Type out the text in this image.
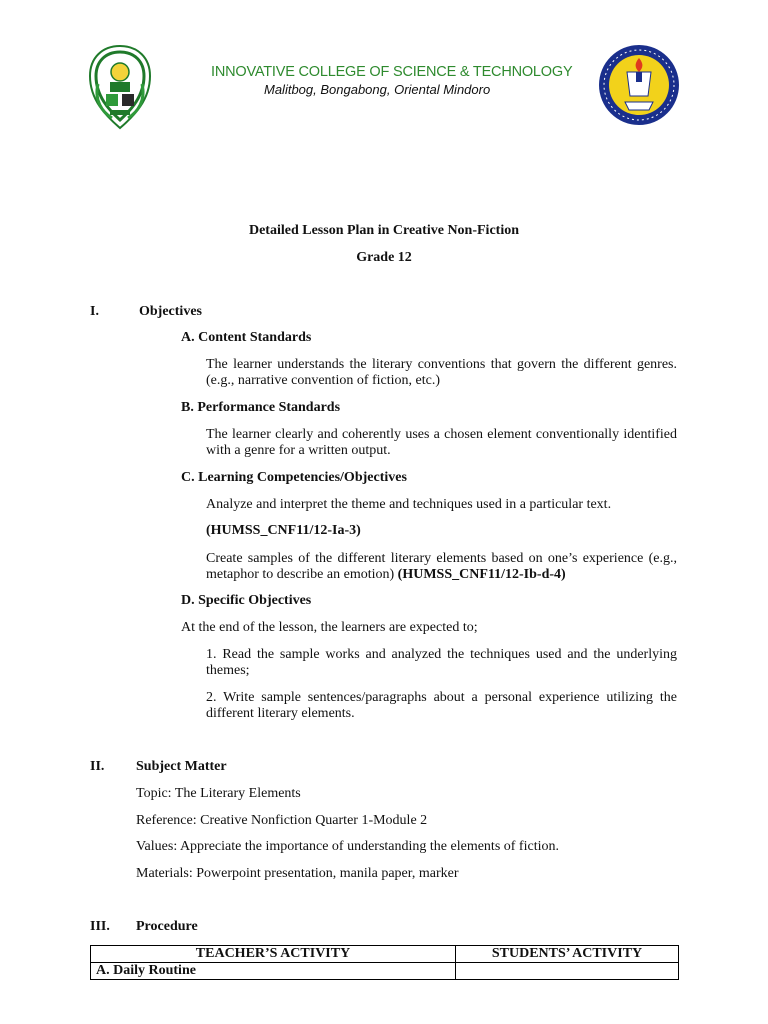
INNOVATIVE COLLEGE OF SCIENCE & TECHNOLOGY
Malitbog, Bongabong, Oriental Mindoro
Detailed Lesson Plan in Creative Non-Fiction
Grade 12
I.	Objectives
A. Content Standards
The learner understands the literary conventions that govern the different genres. (e.g., narrative convention of fiction, etc.)
B. Performance Standards
The learner clearly and coherently uses a chosen element conventionally identified with a genre for a written output.
C. Learning Competencies/Objectives
Analyze and interpret the theme and techniques used in a particular text.
(HUMSS_CNF11/12-Ia-3)
Create samples of the different literary elements based on one’s experience (e.g., metaphor to describe an emotion) (HUMSS_CNF11/12-Ib-d-4)
D. Specific Objectives
At the end of the lesson, the learners are expected to;
1. Read the sample works and analyzed the techniques used and the underlying themes;
2. Write sample sentences/paragraphs about a personal experience utilizing the different literary elements.
II. Subject Matter
Topic: The Literary Elements
Reference: Creative Nonfiction Quarter 1-Module 2
Values: Appreciate the importance of understanding the elements of fiction.
Materials: Powerpoint presentation, manila paper, marker
III. Procedure
TEACHER’S ACTIVITY	STUDENTS’ ACTIVITY
A. Daily Routine	
